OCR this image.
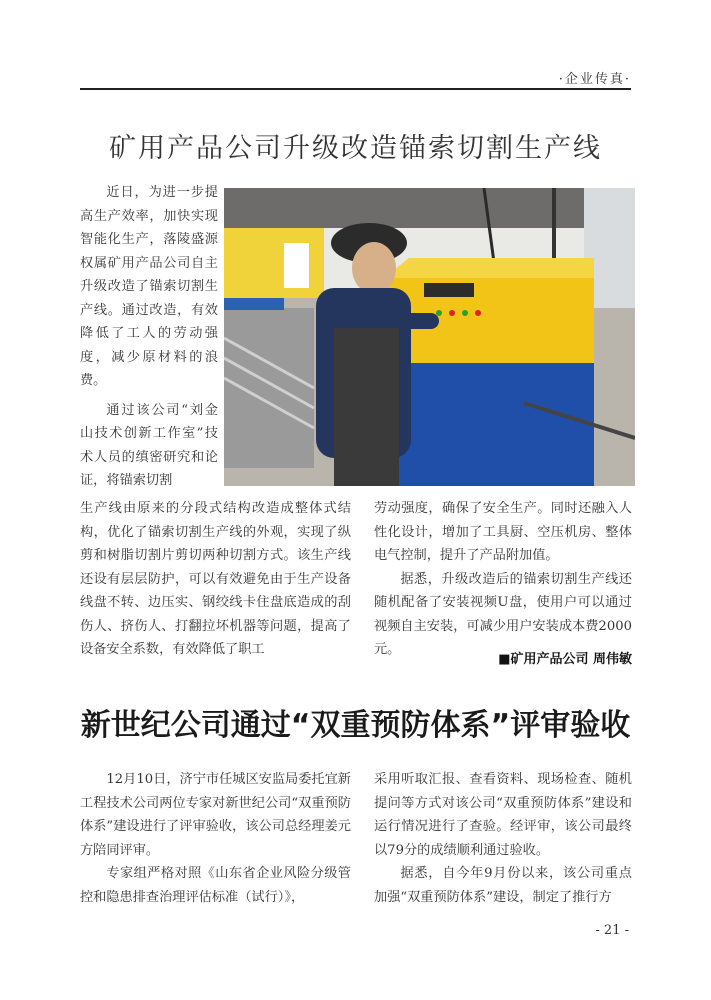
·企业传真·
矿用产品公司升级改造锚索切割生产线

近日，为进一步提高生产效率，加快实现智能化生产，落陵盛源权属矿用产品公司自主升级改造了锚索切割生产线。通过改造，有效降低了工人的劳动强度，减少原材料的浪费。

通过该公司“刘金山技术创新工作室”技术人员的缜密研究和论证，将锚索切割

生产线由原来的分段式结构改造成整体式结构，优化了锚索切割生产线的外观，实现了纵剪和树脂切割片剪切两种切割方式。该生产线还设有层层防护，可以有效避免由于生产设备线盘不转、边压实、钢绞线卡住盘底造成的刮伤人、挤伤人、打翻拉坏机器等问题，提高了设备安全系数，有效降低了职工

劳动强度，确保了安全生产。同时还融入人性化设计，增加了工具厨、空压机房、整体电气控制，提升了产品附加值。

据悉，升级改造后的锚索切割生产线还随机配备了安装视频U盘，使用户可以通过视频自主安装，可减少用户安装成本费2000元。

■矿用产品公司 周伟敏
新世纪公司通过“双重预防体系”评审验收

12月10日，济宁市任城区安监局委托宜新工程技术公司两位专家对新世纪公司“双重预防体系”建设进行了评审验收，该公司总经理姜元方陪同评审。

专家组严格对照《山东省企业风险分级管控和隐患排查治理评估标准（试行）》，

采用听取汇报、查看资料、现场检查、随机提问等方式对该公司“双重预防体系”建设和运行情况进行了查验。经评审，该公司最终以79分的成绩顺利通过验收。

据悉，自今年9月份以来，该公司重点加强“双重预防体系”建设，制定了推行方

- 21 -
